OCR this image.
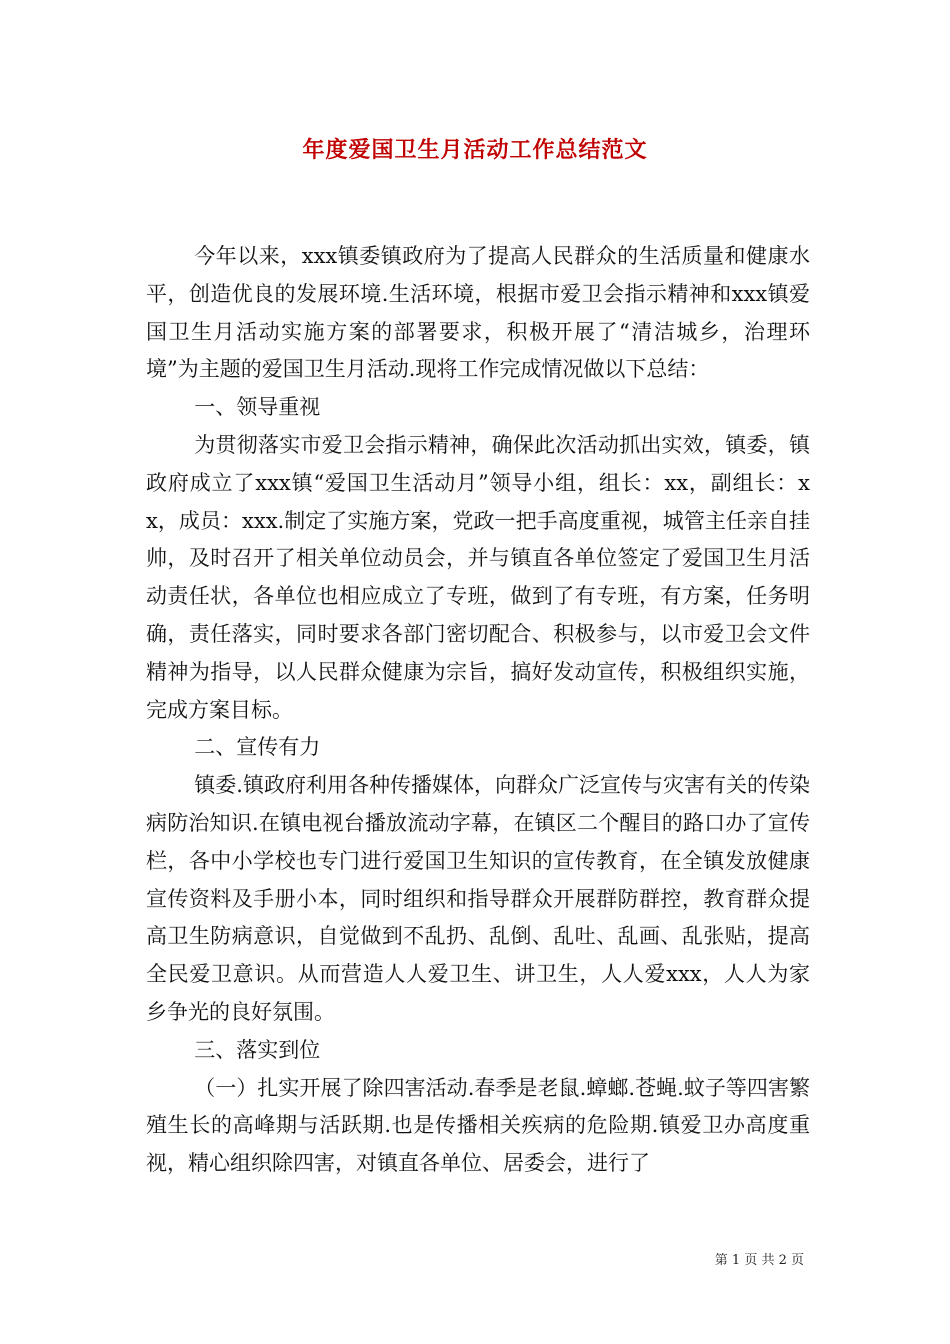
年度爱国卫生月活动工作总结范文

今年以来，xxx镇委镇政府为了提高人民群众的生活质量和健康水平，创造优良的发展环境.生活环境，根据市爱卫会指示精神和xxx镇爱国卫生月活动实施方案的部署要求，积极开展了“清洁城乡，治理环境”为主题的爱国卫生月活动.现将工作完成情况做以下总结：

一、领导重视

为贯彻落实市爱卫会指示精神，确保此次活动抓出实效，镇委，镇政府成立了xxx镇“爱国卫生活动月”领导小组，组长：xx，副组长：xx，成员：xxx.制定了实施方案，党政一把手高度重视，城管主任亲自挂帅，及时召开了相关单位动员会，并与镇直各单位签定了爱国卫生月活动责任状，各单位也相应成立了专班，做到了有专班，有方案，任务明确，责任落实，同时要求各部门密切配合、积极参与，以市爱卫会文件精神为指导，以人民群众健康为宗旨，搞好发动宣传，积极组织实施，完成方案目标。

二、宣传有力

镇委.镇政府利用各种传播媒体，向群众广泛宣传与灾害有关的传染病防治知识.在镇电视台播放流动字幕，在镇区二个醒目的路口办了宣传栏，各中小学校也专门进行爱国卫生知识的宣传教育，在全镇发放健康宣传资料及手册小本，同时组织和指导群众开展群防群控，教育群众提高卫生防病意识，自觉做到不乱扔、乱倒、乱吐、乱画、乱张贴，提高全民爱卫意识。从而营造人人爱卫生、讲卫生，人人爱xxx，人人为家乡争光的良好氛围。

三、落实到位

（一）扎实开展了除四害活动.春季是老鼠.蟑螂.苍蝇.蚊子等四害繁殖生长的高峰期与活跃期.也是传播相关疾病的危险期.镇爱卫办高度重视，精心组织除四害，对镇直各单位、居委会，进行了

第 1 页 共 2 页
